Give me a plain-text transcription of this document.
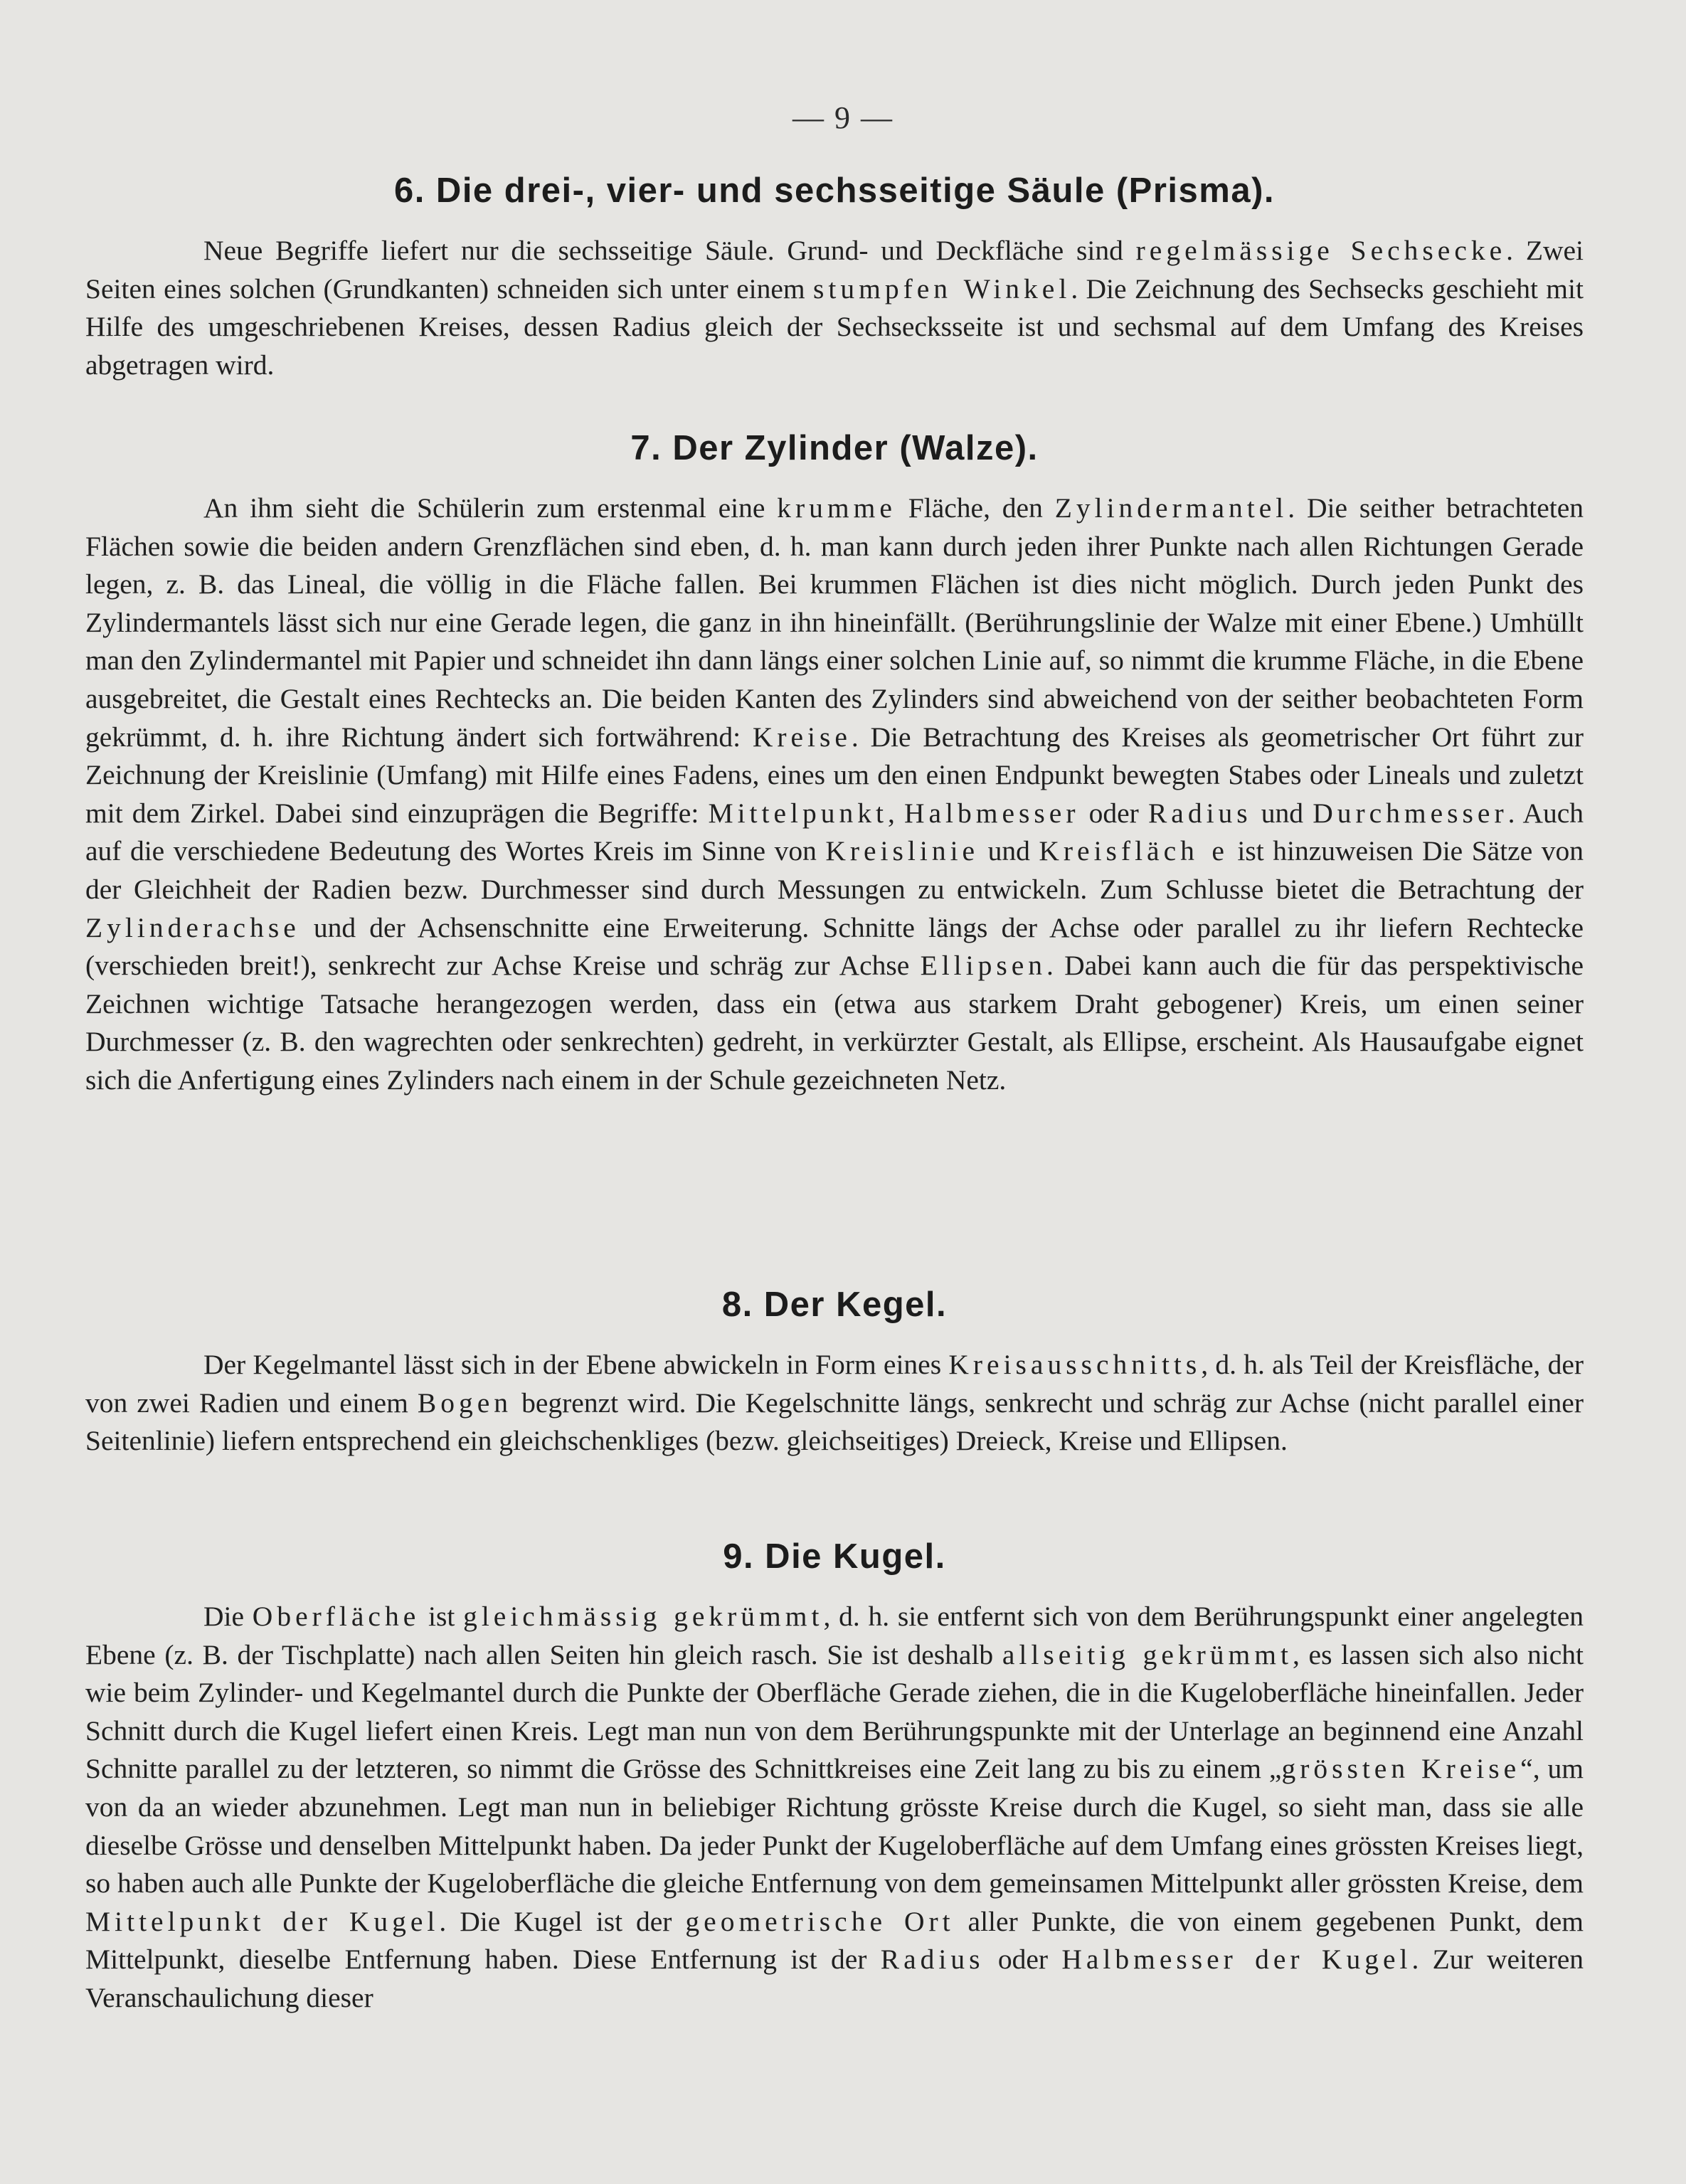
— 9 —
6. Die drei-, vier- und sechsseitige Säule (Prisma).

Neue Begriffe liefert nur die sechsseitige Säule. Grund- und Deckfläche sind regelmässige Sechsecke. Zwei Seiten eines solchen (Grundkanten) schneiden sich unter einem stumpfen Winkel. Die Zeichnung des Sechsecks geschieht mit Hilfe des umgeschriebenen Kreises, dessen Radius gleich der Sechsecksseite ist und sechsmal auf dem Umfang des Kreises abgetragen wird.

7. Der Zylinder (Walze).

An ihm sieht die Schülerin zum erstenmal eine krumme Fläche, den Zylindermantel. Die seither betrachteten Flächen sowie die beiden andern Grenzflächen sind eben, d. h. man kann durch jeden ihrer Punkte nach allen Richtungen Gerade legen, z. B. das Lineal, die völlig in die Fläche fallen. Bei krummen Flächen ist dies nicht möglich. Durch jeden Punkt des Zylindermantels lässt sich nur eine Gerade legen, die ganz in ihn hineinfällt. (Berührungslinie der Walze mit einer Ebene.) Umhüllt man den Zylindermantel mit Papier und schneidet ihn dann längs einer solchen Linie auf, so nimmt die krumme Fläche, in die Ebene ausgebreitet, die Gestalt eines Rechtecks an. Die beiden Kanten des Zylinders sind abweichend von der seither beobachteten Form gekrümmt, d. h. ihre Richtung ändert sich fortwährend: Kreise. Die Betrachtung des Kreises als geometrischer Ort führt zur Zeichnung der Kreislinie (Umfang) mit Hilfe eines Fadens, eines um den einen Endpunkt bewegten Stabes oder Lineals und zuletzt mit dem Zirkel. Dabei sind einzuprägen die Begriffe: Mittelpunkt, Halbmesser oder Radius und Durchmesser. Auch auf die verschiedene Bedeutung des Wortes Kreis im Sinne von Kreislinie und Kreisfläch e ist hinzuweisen Die Sätze von der Gleichheit der Radien bezw. Durchmesser sind durch Messungen zu entwickeln. Zum Schlusse bietet die Betrachtung der Zylinderachse und der Achsenschnitte eine Erweiterung. Schnitte längs der Achse oder parallel zu ihr liefern Rechtecke (verschieden breit!), senkrecht zur Achse Kreise und schräg zur Achse Ellipsen. Dabei kann auch die für das perspektivische Zeichnen wichtige Tatsache herangezogen werden, dass ein (etwa aus starkem Draht gebogener) Kreis, um einen seiner Durchmesser (z. B. den wagrechten oder senkrechten) gedreht, in verkürzter Gestalt, als Ellipse, erscheint. Als Hausaufgabe eignet sich die Anfertigung eines Zylinders nach einem in der Schule gezeichneten Netz.

8. Der Kegel.

Der Kegelmantel lässt sich in der Ebene abwickeln in Form eines Kreisausschnitts, d. h. als Teil der Kreisfläche, der von zwei Radien und einem Bogen begrenzt wird. Die Kegelschnitte längs, senkrecht und schräg zur Achse (nicht parallel einer Seitenlinie) liefern entsprechend ein gleichschenkliges (bezw. gleichseitiges) Dreieck, Kreise und Ellipsen.

9. Die Kugel.

Die Oberfläche ist gleichmässig gekrümmt, d. h. sie entfernt sich von dem Berührungspunkt einer angelegten Ebene (z. B. der Tischplatte) nach allen Seiten hin gleich rasch. Sie ist deshalb allseitig gekrümmt, es lassen sich also nicht wie beim Zylinder- und Kegelmantel durch die Punkte der Oberfläche Gerade ziehen, die in die Kugeloberfläche hineinfallen. Jeder Schnitt durch die Kugel liefert einen Kreis. Legt man nun von dem Berührungspunkte mit der Unterlage an beginnend eine Anzahl Schnitte parallel zu der letzteren, so nimmt die Grösse des Schnittkreises eine Zeit lang zu bis zu einem „grössten Kreise“, um von da an wieder abzunehmen. Legt man nun in beliebiger Richtung grösste Kreise durch die Kugel, so sieht man, dass sie alle dieselbe Grösse und denselben Mittelpunkt haben. Da jeder Punkt der Kugeloberfläche auf dem Umfang eines grössten Kreises liegt, so haben auch alle Punkte der Kugeloberfläche die gleiche Entfernung von dem gemeinsamen Mittelpunkt aller grössten Kreise, dem Mittelpunkt der Kugel. Die Kugel ist der geometrische Ort aller Punkte, die von einem gegebenen Punkt, dem Mittelpunkt, dieselbe Entfernung haben. Diese Entfernung ist der Radius oder Halbmesser der Kugel. Zur weiteren Veranschaulichung dieser
